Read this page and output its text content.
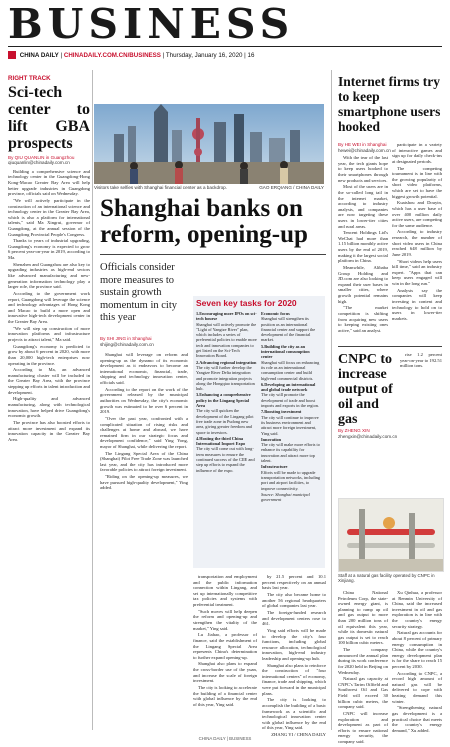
BUSINESS
CHINA DAILY | CHINADAILY.COM.CN/BUSINESS | Thursday, January 16, 2020 | 16
RIGHT TRACK
Sci-tech center to lift GBA prospects
By QIU QUANLIN in Guangzhou
qiuquanlin@chinadaily.com.cn

Building a comprehensive science and technology center in the Guangdong-Hong Kong-Macao Greater Bay Area will help better upgrade industries in Guangdong province, officials said on Wednesday.

"We will actively participate in the construction of an international science and technology center in the Greater Bay Area, which is also a platform for international talents," said Ma Xingrui, governor of Guangdong, at the annual session of the Guangdong Provincial People's Congress.

Thanks to years of industrial upgrading, Guangdong's economy is expected to grow 6 percent year-on-year in 2019, according to Ma.

Shenzhen and Guangzhou are also key to upgrading industries as high-end sectors like advanced manufacturing and new-generation information technology play a larger role, the province said.

According to the government work report, Guangdong will leverage the science and technology advantages of Hong Kong and Macao to build a more open and innovative high-tech development center in the Greater Bay Area.

"We will step up construction of more innovation platforms and infrastructure projects to attract talent," Ma said.

Guangdong's economy is predicted to grow by about 6 percent in 2020, with more than 20,000 high-tech enterprises now operating in the province.

According to Ma, an advanced manufacturing cluster will be included in the Greater Bay Area, with the province stepping up efforts in talent introduction and development.

High-quality and advanced manufacturing, along with technological innovation, have helped drive Guangdong's economic growth.

The province has also boosted efforts to attract more investment and expand its innovation capacity in the Greater Bay Area.

Visitors take selfies with Shanghai financial center as a backdrop.	GAO ERQIANG / CHINA DAILY
Shanghai banks on reform, opening-up
Officials consider more measures to sustain growth momentum in city this year
By SHI JING in Shanghai
shijing@chinadaily.com.cn

Shanghai will leverage on reform and opening-up as the dynamo of its economic development as it endeavors to become an international economic, financial, trade, shipping and technology innovation center, officials said.

According to the report on the work of the government released by the municipal authorities on Wednesday, the city's economic growth was estimated to be over 6 percent in 2019.

"Over the past year, confronted with a complicated situation of rising risks and challenges at home and abroad, we have remained firm in our strategic focus and development confidence," said Ying Yong, mayor of Shanghai, while delivering the report.

The Lingang Special Area of the China (Shanghai) Pilot Free Trade Zone was launched last year, and the city has introduced more favorable policies to attract foreign investment.

"Riding on the opening-up measures, we have pursued high-quality development," Ying added.

Seven key tasks for 2020
1.Encouraging more IPOs on sci-tech bourse

Shanghai will actively promote the "Light of Yangtze River" plan, which includes a series of preferential policies to enable more tech and innovation companies to get listed on the Sci-Tech Innovation Board.

2.Advancing regional integration

The city will further develop the Yangtze River Delta integration and promote integration projects along the Hongqiao transportation hub.

3.Enhancing a comprehensive policy in the Lingang Special Area

The city will quicken the development of the Lingang pilot free trade zone in Pudong new area, giving greater freedom and space to investors.

4.Hosting the third China International Import Expo

The city will come out with long-term measures to ensure the continued success of the CIIE and step up efforts to expand the influence of the expo.

Economic focus

Shanghai will strengthen its position as an international financial center and support the development of the financial market.

5.Building the city as an international consumption center

Shanghai will focus on enhancing its role as an international consumption center and build high-end commercial districts.

6.Developing an international and global trade network

The city will promote the development of trade and boost imports and exports in the region.

7.Boosting investment

The city will continue to improve its business environment and attract more foreign investment, Ying said.

Innovation

The city will make more efforts to enhance its capability for innovation and attract more top talent.

Infrastructure

Efforts will be made to upgrade transportation networks, including port and airport facilities, to improve connectivity.

Source: Shanghai municipal government

transportation and employment and the public information connection within Lingang, and set up internationally competitive tax policies and systems with preferential treatment.

"Such moves will help deepen the reform and opening-up and strengthen the vitality of the market," Ying said.

Lu Jiahao, a professor of finance, said the establishment of the Lingang Special Area represents China's determination to further expand opening-up.

Shanghai also plans to expand the cross-border use of the yuan, and increase the scale of foreign investment.

The city is looking to accelerate the building of a financial center with global influence by the end of this year, Ying said.

by 21.5 percent and 10.1 percent respectively on an annual basis last year.

The city also became home to another 56 regional headquarters of global companies last year.

The foreign-funded research and development centers rose to 461.

Ying said efforts will be made to develop the city's four functions, including global resource allocation, technological innovation, high-end industry leadership and opening-up hub.

Shanghai also plans to reinforce the construction of "four international centers" of economy, finance, trade and shipping, which were put forward in the municipal plans.

The city is looking to accomplish the building of a basic framework as a scientific and technological innovation center with global influence by the end of this year, Ying said.

ZHANG YI / CHINA DAILY

Internet firms try to keep smartphone users hooked
By HE WEI in Shanghai
hewei@chinadaily.com.cn

With the tear of the last year, the tech giants hope to keep users hooked to their smartphones through new products and services.

Most of the users are in the so-called long tail in the internet market, according to industry analysts, and companies are now targeting these users in lower-tier cities and rural areas.

Tencent Holdings Ltd's WeChat had more than 1.15 billion monthly active users by the end of 2019, making it the largest social platform in China.

Meanwhile, Alibaba Group Holding and JD.com are also looking to expand their user bases in smaller cities, where growth potential remains high.

"The market competition is shifting from acquiring new users to keeping existing ones active," said an analyst.

participate in a variety of interactive games and sign up for daily check-ins at designated periods.

The competing tournament is in line with the growing popularity of short video platforms, which are set to have the biggest growth potential.

Kuaishou and Douyin, which has a user base of over 400 million daily active users, are competing for the same audience.

According to industry research, the number of short video users in China reached 648 million by June 2019.

"Short videos help users kill time," said an industry expert. "Apps that can keep users engaged will win in the long run."

Analysts say the companies will keep investing in content and technology to hold on to users in lower-tier markets.

CNPC to increase output of oil and gas
By ZHENG XIN
zhengxin@chinadaily.com.cn

rise 1.2 percent year-on-year to 192.51 million tons.

Staff at a natural gas facility operated by CNPC in Xinjiang.

China National Petroleum Corp, the state-owned energy giant, is planning to ramp up oil and gas output to more than 200 million tons of oil equivalent this year, while its domestic natural gas output is set to reach 100 billion cubic meters.

The company announced the annual plan during its work conference for 2020 held in Beijing on Wednesday.

Natural gas capacity at CNPC's Tarim Oilfield and Southwest Oil and Gas Field will exceed 30 billion cubic meters, the company said.

CNPC will increase exploration and development as part of efforts to ensure national energy security, the company said.

Xu Qinhua, a professor at Renmin University of China, said the increased investment in oil and gas exploration is in line with the country's energy security strategy.

Natural gas accounts for about 8 percent of primary energy consumption in China, while the country's energy development plan is for the share to reach 15 percent by 2030.

According to CNPC, a record high amount of natural gas will be delivered to cope with heating demand this winter.

"Strengthening natural gas development is a practical choice that meets the country's energy demand," Xu added.

CHINA DAILY | BUSINESS
